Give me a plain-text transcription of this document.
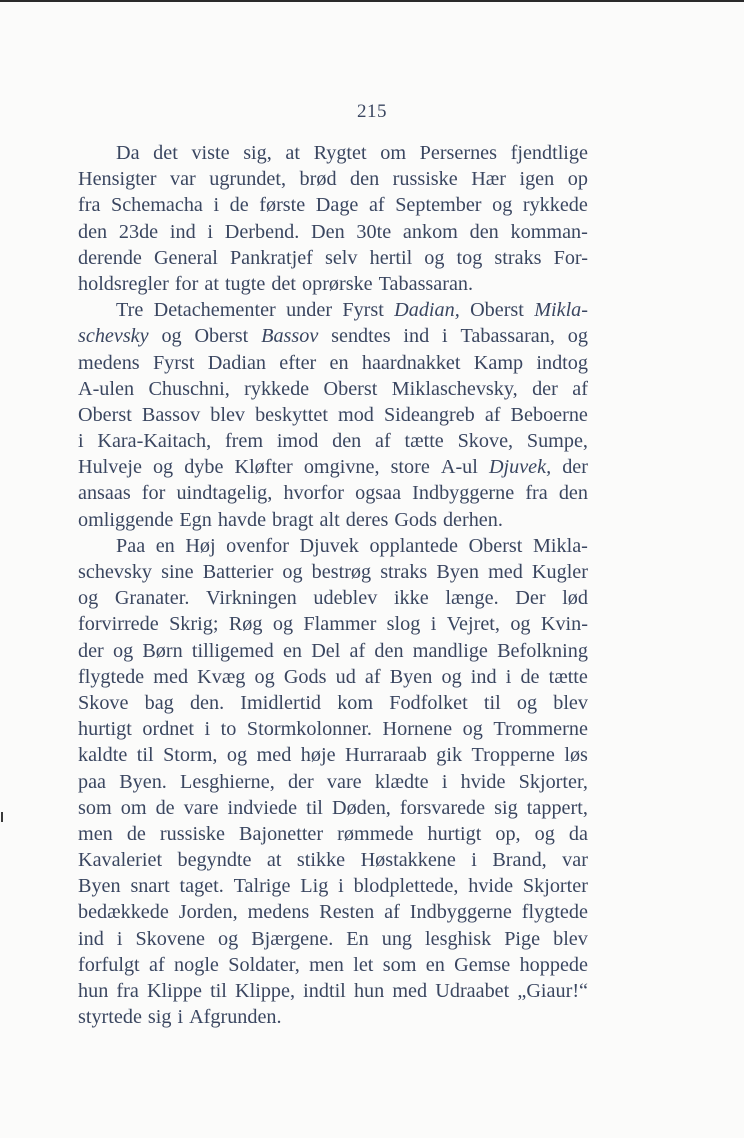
215
Da det viste sig, at Rygtet om Persernes fjendtlige
Hensigter var ugrundet, brød den russiske Hær igen op
fra Schemacha i de første Dage af September og rykkede
den 23de ind i Derbend. Den 30te ankom den komman-
derende General Pankratjef selv hertil og tog straks For-
holdsregler for at tugte det oprørske Tabassaran.
Tre Detachementer under Fyrst Dadian, Oberst Mikla-
schevsky og Oberst Bassov sendtes ind i Tabassaran, og
medens Fyrst Dadian efter en haardnakket Kamp indtog
A-ulen Chuschni, rykkede Oberst Miklaschevsky, der af
Oberst Bassov blev beskyttet mod Sideangreb af Beboerne
i Kara-Kaitach, frem imod den af tætte Skove, Sumpe,
Hulveje og dybe Kløfter omgivne, store A-ul Djuvek, der
ansaas for uindtagelig, hvorfor ogsaa Indbyggerne fra den
omliggende Egn havde bragt alt deres Gods derhen.
Paa en Høj ovenfor Djuvek opplantede Oberst Mikla-
schevsky sine Batterier og bestrøg straks Byen med Kugler
og Granater. Virkningen udeblev ikke længe. Der lød
forvirrede Skrig; Røg og Flammer slog i Vejret, og Kvin-
der og Børn tilligemed en Del af den mandlige Befolkning
flygtede med Kvæg og Gods ud af Byen og ind i de tætte
Skove bag den. Imidlertid kom Fodfolket til og blev
hurtigt ordnet i to Stormkolonner. Hornene og Trommerne
kaldte til Storm, og med høje Hurraraab gik Tropperne løs
paa Byen. Lesghierne, der vare klædte i hvide Skjorter,
som om de vare indviede til Døden, forsvarede sig tappert,
men de russiske Bajonetter rømmede hurtigt op, og da
Kavaleriet begyndte at stikke Høstakkene i Brand, var
Byen snart taget. Talrige Lig i blodplettede, hvide Skjorter
bedækkede Jorden, medens Resten af Indbyggerne flygtede
ind i Skovene og Bjærgene. En ung lesghisk Pige blev
forfulgt af nogle Soldater, men let som en Gemse hoppede
hun fra Klippe til Klippe, indtil hun med Udraabet „Giaur!“
styrtede sig i Afgrunden.
